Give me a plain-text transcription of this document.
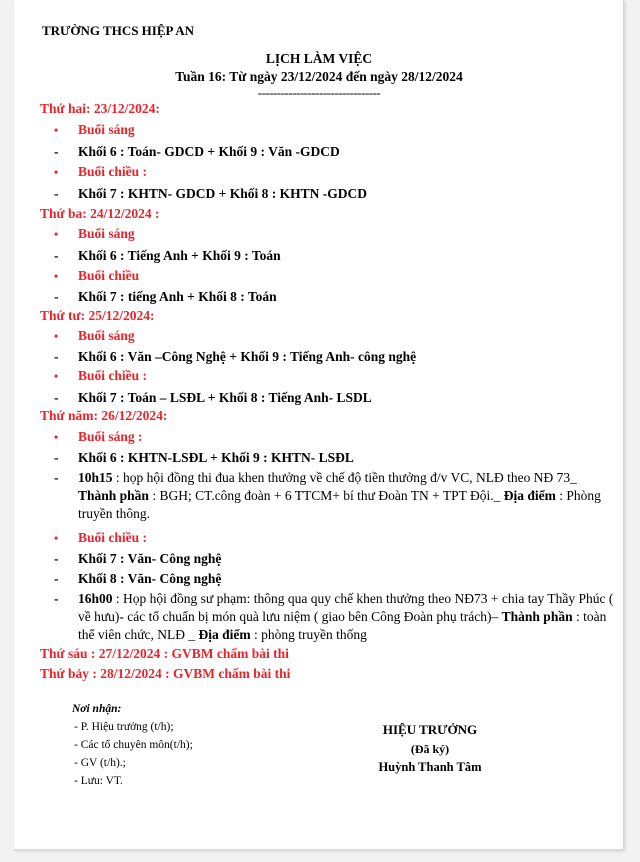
TRƯỜNG THCS HIỆP AN
LỊCH LÀM VIỆC
Tuần 16: Từ ngày 23/12/2024 đến ngày 28/12/2024
--------------------------------
Thứ hai: 23/12/2024:
• Buổi sáng
- Khối 6 : Toán- GDCD + Khối 9 : Văn -GDCD
• Buổi chiều :
- Khối 7 : KHTN- GDCD + Khối 8 : KHTN -GDCD
Thứ ba: 24/12/2024 :
• Buổi sáng
- Khối 6 : Tiếng Anh + Khối 9 : Toán
• Buổi chiều
- Khối 7 : tiếng Anh + Khối 8 : Toán
Thứ tư: 25/12/2024:
• Buổi sáng
- Khối 6 : Văn –Công Nghệ + Khối 9 : Tiếng Anh- công nghệ
• Buổi chiều :
- Khối 7 : Toán – LSĐL + Khối 8 : Tiếng Anh- LSDL
Thứ năm: 26/12/2024:
• Buổi sáng :
- Khối 6 : KHTN-LSĐL + Khối 9 : KHTN- LSĐL
- 10h15 : họp hội đồng thi đua khen thưởng về chế độ tiền thưởng đ/v VC, NLĐ theo NĐ 73_ Thành phần : BGH; CT.công đoàn + 6 TTCM+ bí thư Đoàn TN + TPT Đội._ Địa điểm : Phòng truyền thông.
• Buổi chiều :
- Khối 7 : Văn- Công nghệ
- Khối 8 : Văn- Công nghệ
- 16h00 : Họp hội đồng sư phạm: thông qua quy chế khen thưởng theo NĐ73 + chia tay Thầy Phúc ( về hưu)- các tổ chuẩn bị món quà lưu niệm ( giao bên Công Đoàn phụ trách)– Thành phần : toàn thể viên chức, NLĐ _ Địa điểm : phòng truyền thống
Thứ sáu : 27/12/2024 : GVBM chấm bài thi
Thứ bảy : 28/12/2024 : GVBM chấm bài thi
Nơi nhận:
- P. Hiệu trưởng (t/h);
- Các tổ chuyên môn(t/h);
- GV (t/h).;
- Lưu: VT.
HIỆU TRƯỞNG
(Đã ký)
Huỳnh Thanh Tâm
